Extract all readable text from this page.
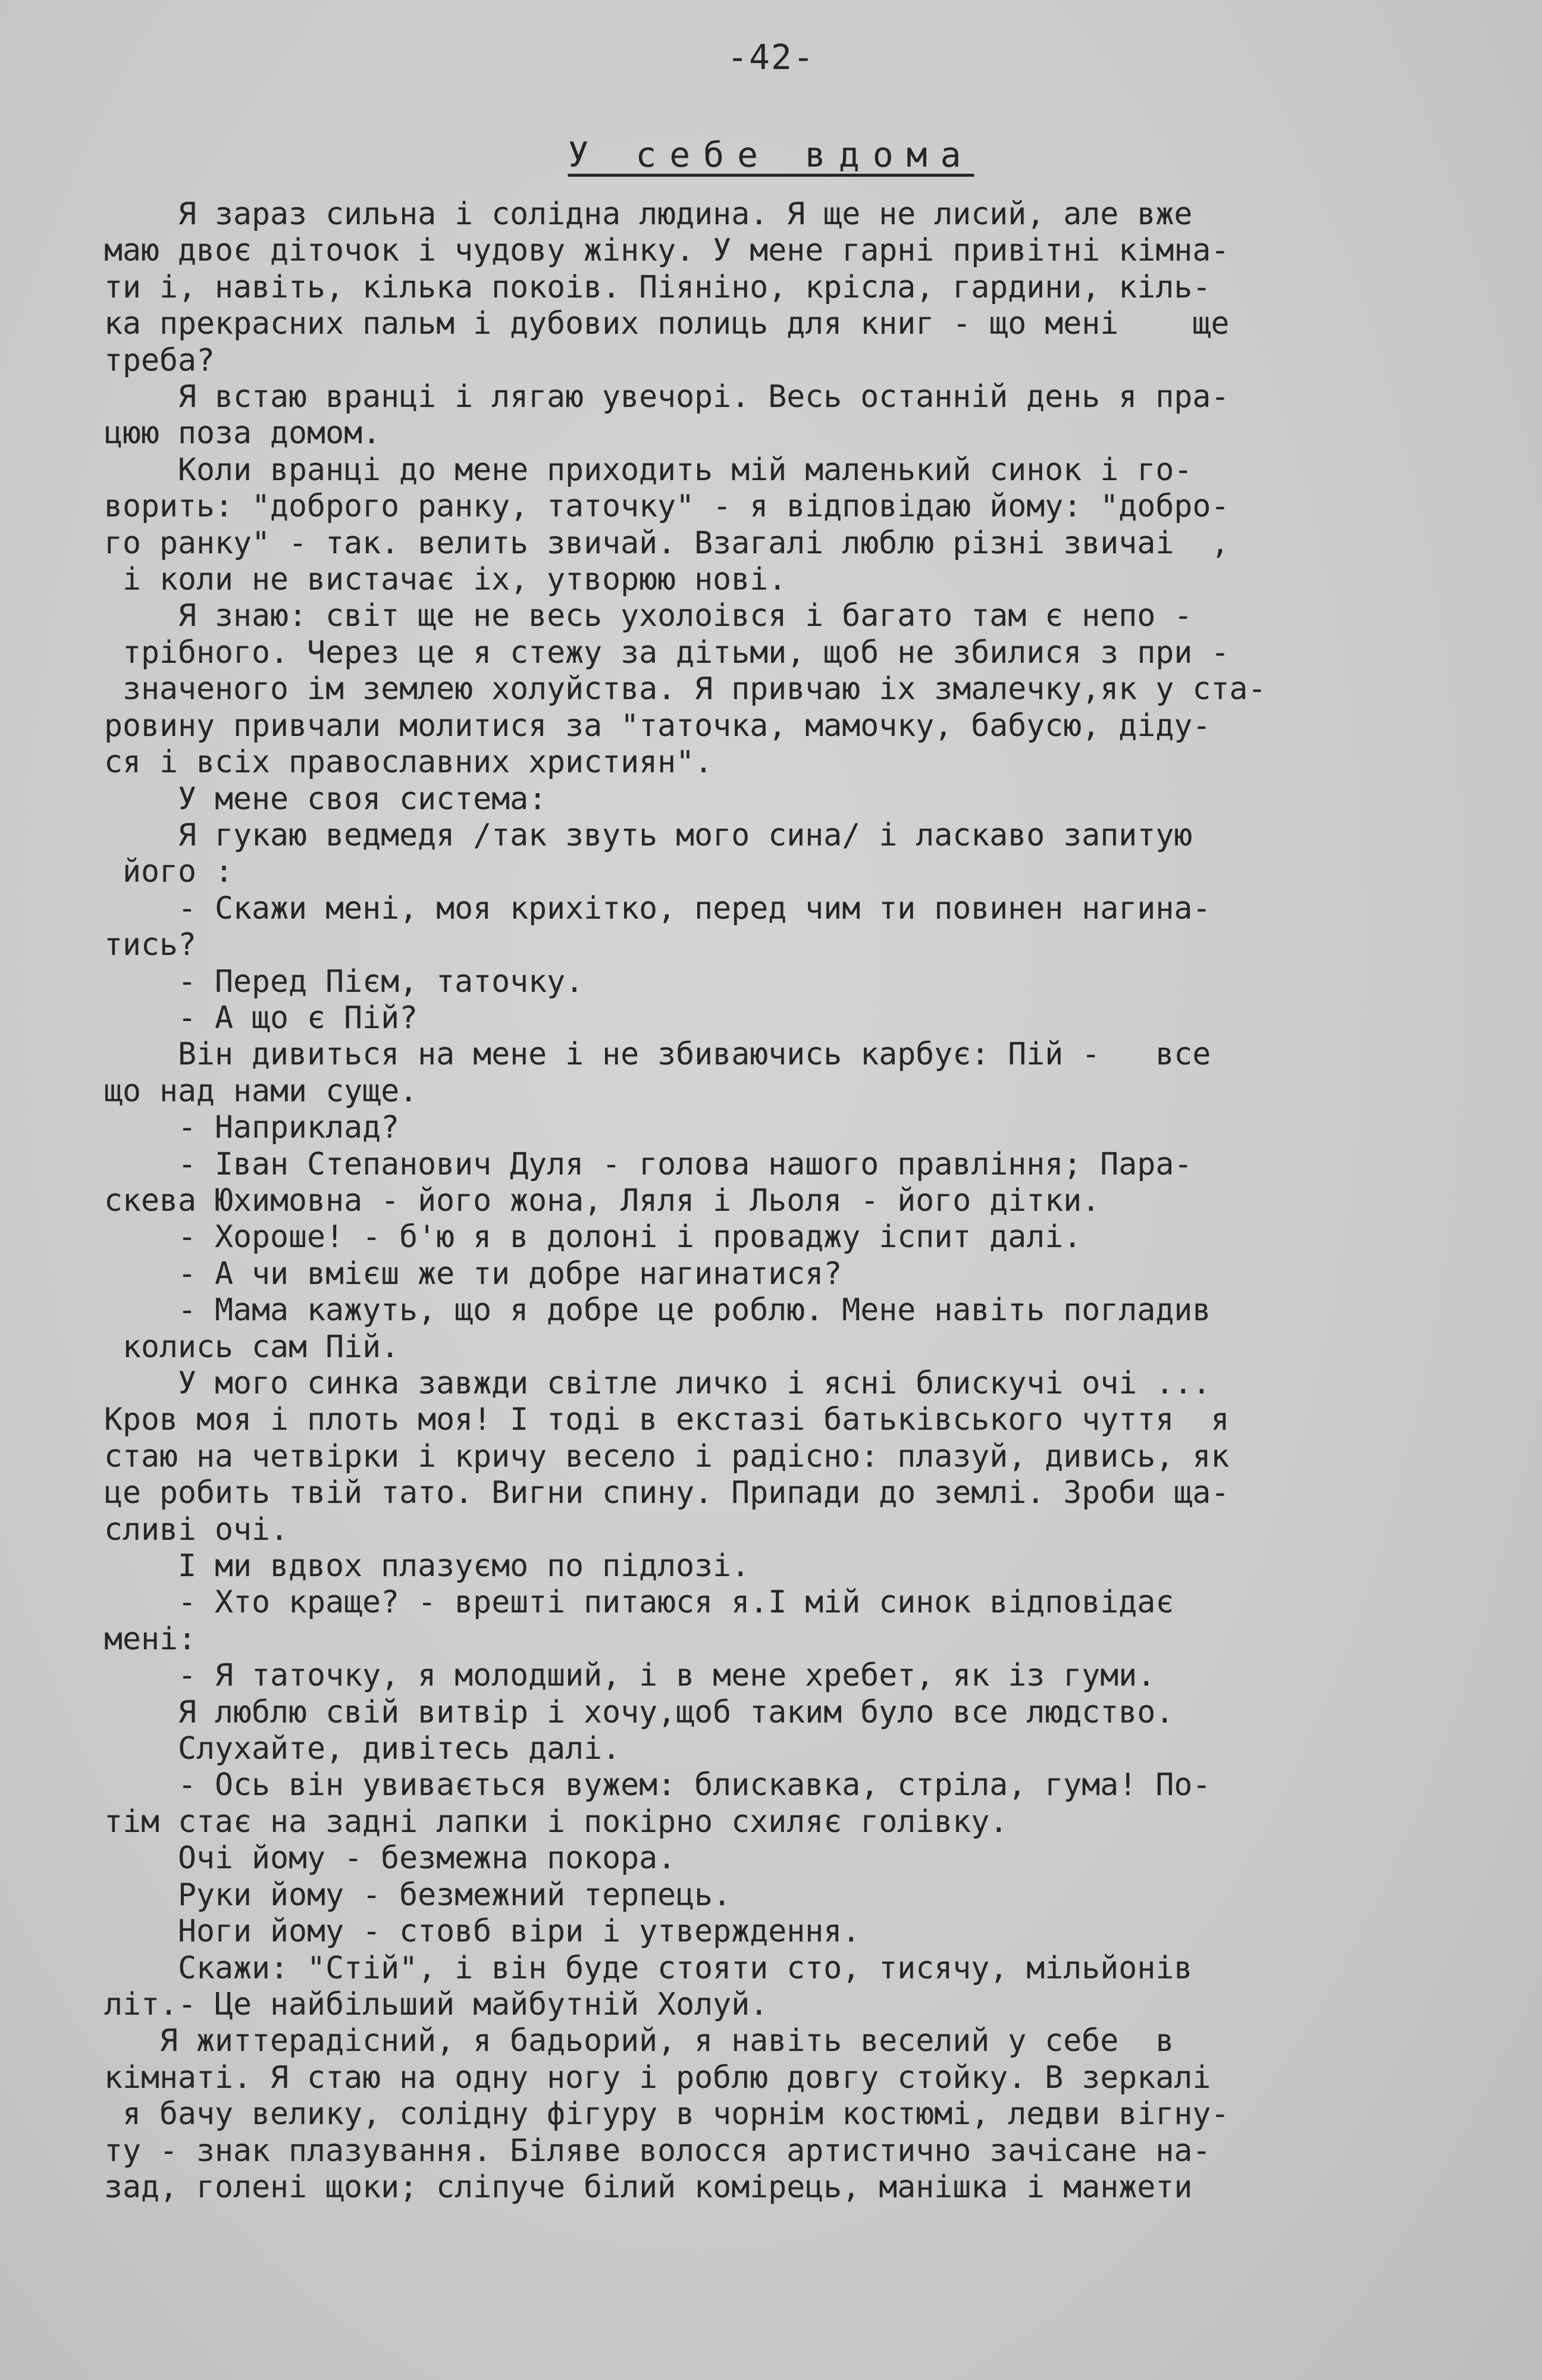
-42-
У себе вдома
Я зараз сильна і солідна людина. Я ще не лисий, але вже
маю двоє діточок і чудову жінку. У мене гарні привітні кімна-
ти і, навіть, кілька покоів. Піяніно, крісла, гардини, кіль-
ка прекрасних пальм і дубових полиць для книг - що мені    ще
треба?
Я встаю вранці і лягаю увечорі. Весь останній день я пра-
цюю поза домом.
Коли вранці до мене приходить мій маленький синок і го-
ворить: "доброго ранку, таточку" - я відповідаю йому: "добро-
го ранку" - так. велить звичай. Взагалі люблю різні звичаі  ,
і коли не вистачає іх, утворюю нові.
Я знаю: світ ще не весь ухолоівся і багато там є непо -
трібного. Через це я стежу за дітьми, щоб не збилися з при -
значеного ім землею холуйства. Я привчаю іх змалечку,як у ста-
ровину привчали молитися за "таточка, мамочку, бабусю, діду-
ся і всіх православних християн".
У мене своя система:
Я гукаю ведмедя /так звуть мого сина/ і ласкаво запитую
його :
- Скажи мені, моя крихітко, перед чим ти повинен нагина-
тись?
- Перед Пієм, таточку.
- А що є Пій?
Він дивиться на мене і не збиваючись карбує: Пій -   все
що над нами суще.
- Наприклад?
- Іван Степанович Дуля - голова нашого правління; Пара-
скева Юхимовна - його жона, Ляля і Льоля - його дітки.
- Хороше! - б'ю я в долоні і проваджу іспит далі.
- А чи вмієш же ти добре нагинатися?
- Мама кажуть, що я добре це роблю. Мене навіть погладив
колись сам Пій.
У мого синка завжди світле личко і ясні блискучі очі ...
Кров моя і плоть моя! І тоді в екстазі батьківського чуття  я
стаю на четвірки і кричу весело і радісно: плазуй, дивись, як
це робить твій тато. Вигни спину. Припади до землі. Зроби ща-
сливі очі.
І ми вдвох плазуємо по підлозі.
- Хто краще? - врешті питаюся я.І мій синок відповідає
мені:
- Я таточку, я молодший, і в мене хребет, як із гуми.
Я люблю свій витвір і хочу,щоб таким було все людство.
Слухайте, дивітесь далі.
- Ось він увивається вужем: блискавка, стріла, гума! По-
тім стає на задні лапки і покірно схиляє голівку.
Очі йому - безмежна покора.
Руки йому - безмежний терпець.
Ноги йому - стовб віри і утверждення.
Скажи: "Стій", і він буде стояти сто, тисячу, мільйонів
літ.- Це найбільший майбутній Холуй.
Я життерадісний, я бадьорий, я навіть веселий у себе  в
кімнаті. Я стаю на одну ногу і роблю довгу стойку. В зеркалі
я бачу велику, солідну фігуру в чорнім костюмі, ледви вігну-
ту - знак плазування. Біляве волосся артистично зачісане на-
зад, голені щоки; сліпуче білий комірець, манішка і манжети
